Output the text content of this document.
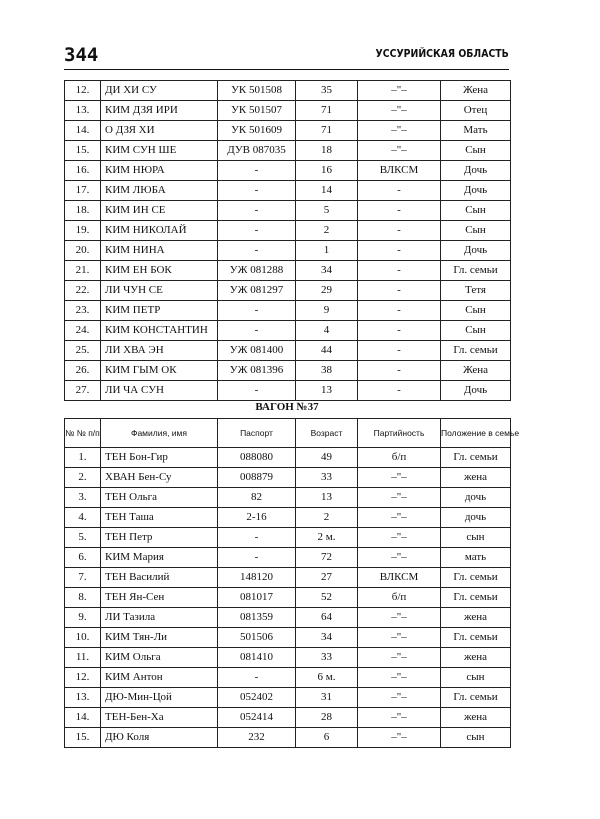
344	УССУРИЙСКАЯ ОБЛАСТЬ
12.	ДИ ХИ СУ	УК 501508	35	–"–	Жена
13.	КИМ ДЗЯ ИРИ	УК 501507	71	–"–	Отец
14.	О ДЗЯ ХИ	УК 501609	71	–"–	Мать
15.	КИМ СУН ШЕ	ДУВ 087035	18	–"–	Сын
16.	КИМ НЮРА	-	16	ВЛКСМ	Дочь
17.	КИМ ЛЮБА	-	14	-	Дочь
18.	КИМ ИН СЕ	-	5	-	Сын
19.	КИМ НИКОЛАЙ	-	2	-	Сын
20.	КИМ НИНА	-	1	-	Дочь
21.	КИМ ЕН БОК	УЖ 081288	34	-	Гл. семьи
22.	ЛИ ЧУН СЕ	УЖ 081297	29	-	Тетя
23.	КИМ ПЕТР	-	9	-	Сын
24.	КИМ КОНСТАНТИН	-	4	-	Сын
25.	ЛИ ХВА ЭН	УЖ 081400	44	-	Гл. семьи
26.	КИМ ГЫМ ОК	УЖ 081396	38	-	Жена
27.	ЛИ ЧА СУН	-	13	-	Дочь
ВАГОН №37
№ № п/п	Фамилия, имя	Паспорт	Возраст	Партийность	Положение в семье
1.	ТЕН Бон-Гир	088080	49	б/п	Гл. семьи
2.	ХВАН Бен-Су	008879	33	–"–	жена
3.	ТЕН Ольга	82	13	–"–	дочь
4.	ТЕН Таша	2-16	2	–"–	дочь
5.	ТЕН Петр	-	2 м.	–"–	сын
6.	КИМ Мария	-	72	–"–	мать
7.	ТЕН Василий	148120	27	ВЛКСМ	Гл. семьи
8.	ТЕН Ян-Сен	081017	52	б/п	Гл. семьи
9.	ЛИ Тазила	081359	64	–"–	жена
10.	КИМ Тян-Ли	501506	34	–"–	Гл. семьи
11.	КИМ Ольга	081410	33	–"–	жена
12.	КИМ Антон	-	6 м.	–"–	сын
13.	ДЮ-Мин-Цой	052402	31	–"–	Гл. семьи
14.	ТЕН-Бен-Ха	052414	28	–"–	жена
15.	ДЮ Коля	232	6	–"–	сын
